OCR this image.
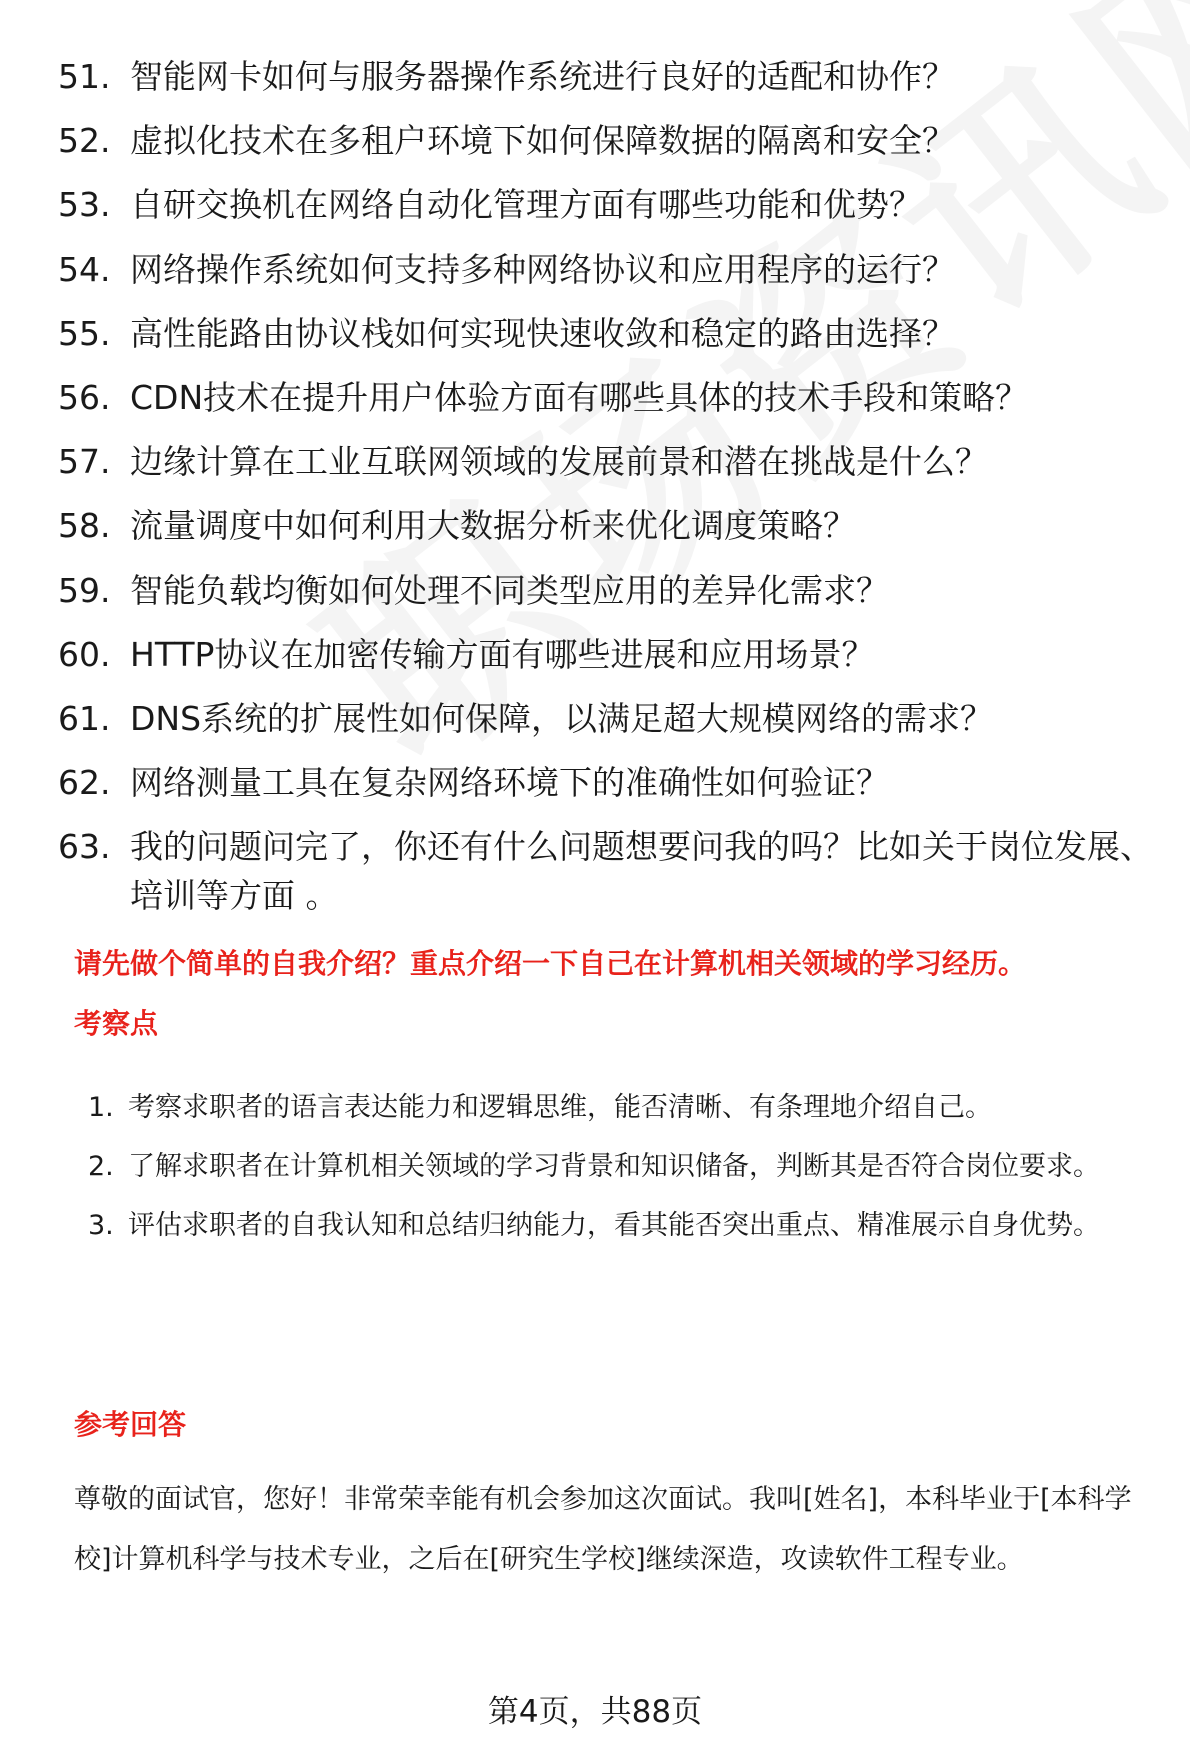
51. 智能网卡如何与服务器操作系统进行良好的适配和协作？
52. 虚拟化技术在多租户环境下如何保障数据的隔离和安全？
53. 自研交换机在网络自动化管理方面有哪些功能和优势？
54. 网络操作系统如何支持多种网络协议和应用程序的运行？
55. 高性能路由协议栈如何实现快速收敛和稳定的路由选择？
56. CDN技术在提升用户体验方面有哪些具体的技术手段和策略？
57. 边缘计算在工业互联网领域的发展前景和潜在挑战是什么？
58. 流量调度中如何利用大数据分析来优化调度策略？
59. 智能负载均衡如何处理不同类型应用的差异化需求？
60. HTTP协议在加密传输方面有哪些进展和应用场景？
61. DNS系统的扩展性如何保障，以满足超大规模网络的需求？
62. 网络测量工具在复杂网络环境下的准确性如何验证？
63. 我的问题问完了，你还有什么问题想要问我的吗？比如关于岗位发展、培训等方面 。
请先做个简单的自我介绍？重点介绍一下自己在计算机相关领域的学习经历。
考察点
1. 考察求职者的语言表达能力和逻辑思维，能否清晰、有条理地介绍自己。
2. 了解求职者在计算机相关领域的学习背景和知识储备，判断其是否符合岗位要求。
3. 评估求职者的自我认知和总结归纳能力，看其能否突出重点、精准展示自身优势。
参考回答

尊敬的面试官，您好！非常荣幸能有机会参加这次面试。我叫[姓名]，本科毕业于[本科学校]计算机科学与技术专业，之后在[研究生学校]继续深造，攻读软件工程专业。

第4页，共88页
